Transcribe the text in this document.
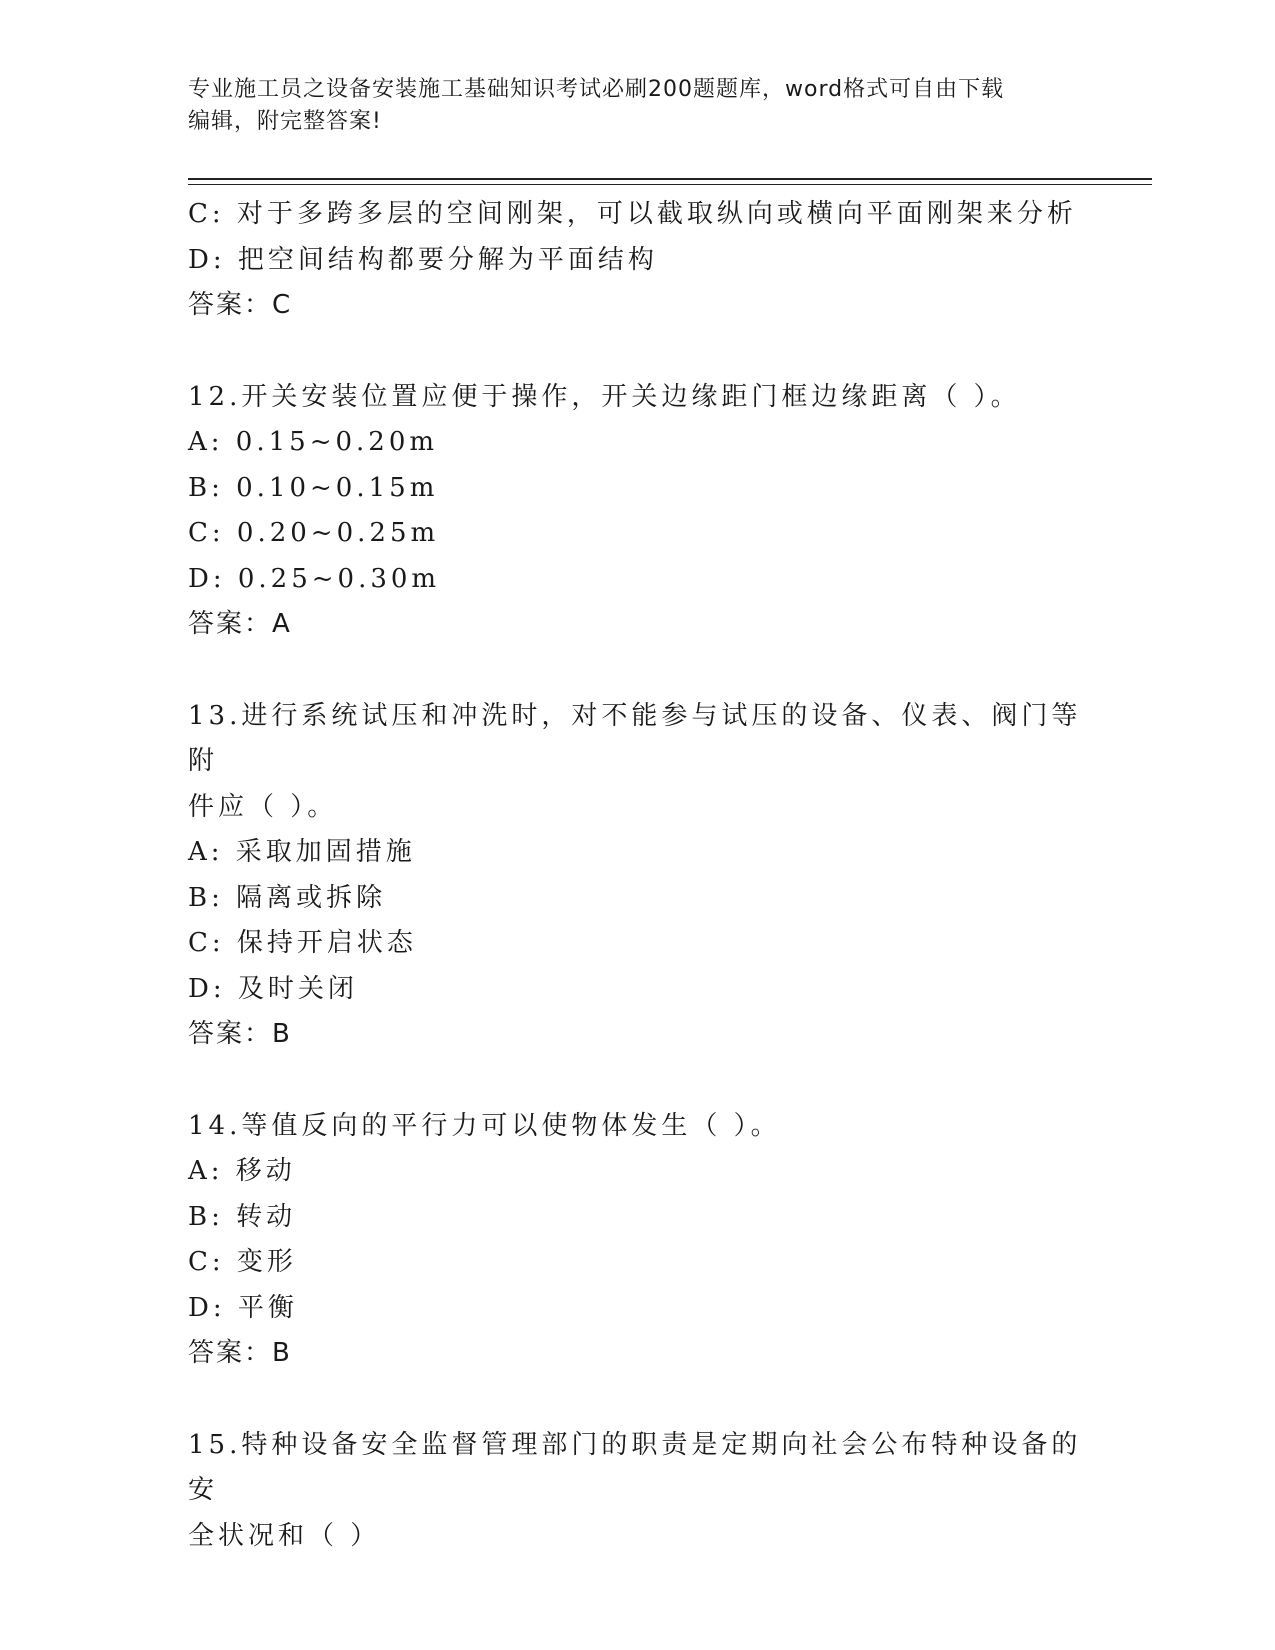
专业施工员之设备安装施工基础知识考试必刷200题题库，word格式可自由下载
编辑，附完整答案!
C: 对于多跨多层的空间刚架，可以截取纵向或横向平面刚架来分析
D: 把空间结构都要分解为平面结构
答案：C
12.开关安装位置应便于操作，开关边缘距门框边缘距离（ ）。
A: 0.15~0.20m
B: 0.10~0.15m
C: 0.20~0.25m
D: 0.25~0.30m
答案：A
13.进行系统试压和冲洗时，对不能参与试压的设备、仪表、阀门等附
件应（ ）。
A: 采取加固措施
B: 隔离或拆除
C: 保持开启状态
D: 及时关闭
答案：B
14.等值反向的平行力可以使物体发生（ ）。
A: 移动
B: 转动
C: 变形
D: 平衡
答案：B
15.特种设备安全监督管理部门的职责是定期向社会公布特种设备的安
全状况和（ ）
